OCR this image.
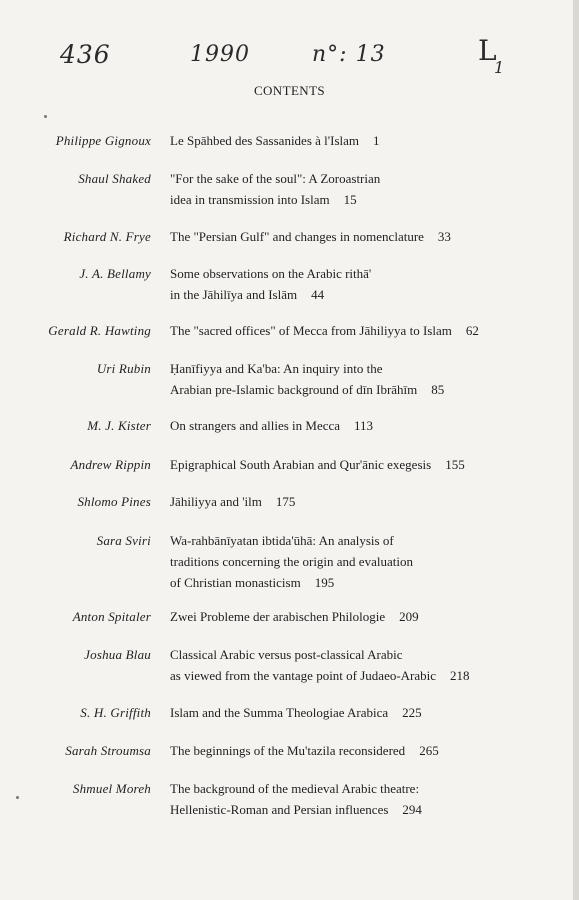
436	1990	n°: 13	L
1
CONTENTS
Philippe Gignoux Le Spāhbed des Sassanides à l'Islam 1
Shaul Shaked "For the sake of the soul": A Zoroastrian
idea in transmission into Islam 15
Richard N. Frye The "Persian Gulf" and changes in nomenclature 33
J. A. Bellamy Some observations on the Arabic rithā'
in the Jāhilīya and Islām 44
Gerald R. Hawting The "sacred offices" of Mecca from Jāhiliyya to Islam 62
Uri Rubin Ḥanīfiyya and Ka'ba: An inquiry into the
Arabian pre-Islamic background of dīn Ibrāhīm 85
M. J. Kister On strangers and allies in Mecca 113
Andrew Rippin Epigraphical South Arabian and Qur'ānic exegesis 155
Shlomo Pines Jāhiliyya and 'ilm 175
Sara Sviri Wa-rahbānīyatan ibtida'ūhā: An analysis of
traditions concerning the origin and evaluation
of Christian monasticism 195
Anton Spitaler Zwei Probleme der arabischen Philologie 209
Joshua Blau Classical Arabic versus post-classical Arabic
as viewed from the vantage point of Judaeo-Arabic 218
S. H. Griffith Islam and the Summa Theologiae Arabica 225
Sarah Stroumsa The beginnings of the Mu'tazila reconsidered 265
Shmuel Moreh The background of the medieval Arabic theatre:
Hellenistic-Roman and Persian influences 294
